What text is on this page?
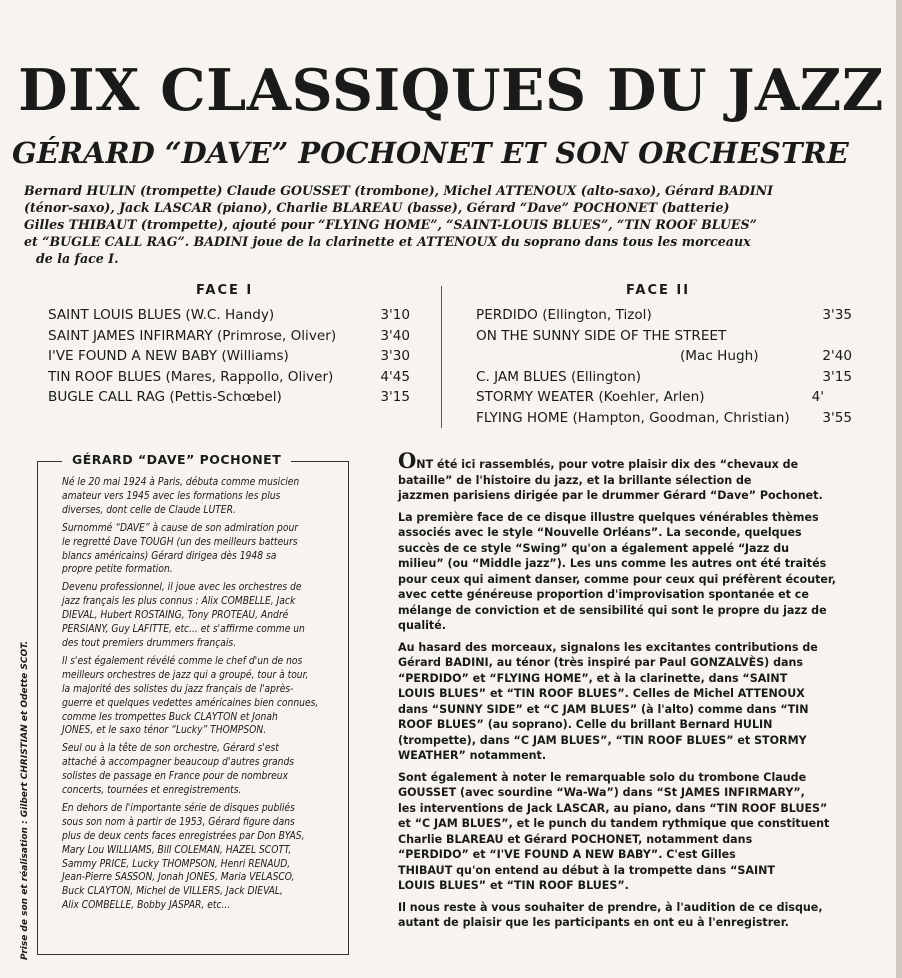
DIX CLASSIQUES DU JAZZ
GÉRARD “DAVE” POCHONET ET SON ORCHESTRE
Bernard HULIN (trompette) Claude GOUSSET (trombone), Michel ATTENOUX (alto-saxo), Gérard BADINI
(ténor-saxo), Jack LASCAR (piano), Charlie BLAREAU (basse), Gérard “Dave” POCHONET (batterie)
Gilles THIBAUT (trompette), ajouté pour “FLYING HOME”, “SAINT-LOUIS BLUES”, “TIN ROOF BLUES”
et “BUGLE CALL RAG”. BADINI joue de la clarinette et ATTENOUX du soprano dans tous les morceaux
de la face I.
FACE I	FACE II
SAINT LOUIS BLUES (W.C. Handy)	3'10
SAINT JAMES INFIRMARY (Primrose, Oliver)	3'40
I'VE FOUND A NEW BABY (Williams)	3'30
TIN ROOF BLUES (Mares, Rappollo, Oliver)	4'45
BUGLE CALL RAG (Pettis-Schœbel)	3'15
PERDIDO (Ellington, Tizol)	3'35
ON THE SUNNY SIDE OF THE STREET
(Mac Hugh)	2'40
C. JAM BLUES (Ellington)	3'15
STORMY WEATER (Koehler, Arlen)	4'
FLYING HOME (Hampton, Goodman, Christian) 3'55
GÉRARD “DAVE” POCHONET

Né le 20 mai 1924 à Paris, débuta comme musicien
amateur vers 1945 avec les formations les plus
diverses, dont celle de Claude LUTER.

Surnommé “DAVE” à cause de son admiration pour
le regretté Dave TOUGH (un des meilleurs batteurs
blancs américains) Gérard dirigea dès 1948 sa
propre petite formation.

Devenu professionnel, il joue avec les orchestres de
jazz français les plus connus : Alix COMBELLE, Jack
DIEVAL, Hubert ROSTAING, Tony PROTEAU, André
PERSIANY, Guy LAFITTE, etc... et s'affirme comme un
des tout premiers drummers français.

Il s'est également révélé comme le chef d'un de nos
meilleurs orchestres de jazz qui a groupé, tour à tour,
la majorité des solistes du jazz français de l'après-
guerre et quelques vedettes américaines bien connues,
comme les trompettes Buck CLAYTON et Jonah
JONES, et le saxo ténor “Lucky” THOMPSON.

Seul ou à la tête de son orchestre, Gérard s'est
attaché à accompagner beaucoup d'autres grands
solistes de passage en France pour de nombreux
concerts, tournées et enregistrements.

En dehors de l'importante série de disques publiés
sous son nom à partir de 1953, Gérard figure dans
plus de deux cents faces enregistrées par Don BYAS,
Mary Lou WILLIAMS, Bill COLEMAN, HAZEL SCOTT,
Sammy PRICE, Lucky THOMPSON, Henri RENAUD,
Jean-Pierre SASSON, Jonah JONES, Maria VELASCO,
Buck CLAYTON, Michel de VILLERS, Jack DIEVAL,
Alix COMBELLE, Bobby JASPAR, etc...

Prise de son et réalisation : Gilbert CHRISTIAN et Odette SCOT.

ONT été ici rassemblés, pour votre plaisir dix des “chevaux de
bataille” de l'histoire du jazz, et la brillante sélection de
jazzmen parisiens dirigée par le drummer Gérard “Dave” Pochonet.

La première face de ce disque illustre quelques vénérables thèmes
associés avec le style “Nouvelle Orléans”. La seconde, quelques
succès de ce style “Swing” qu'on a également appelé “Jazz du
milieu” (ou “Middle jazz”). Les uns comme les autres ont été traités
pour ceux qui aiment danser, comme pour ceux qui préfèrent écouter,
avec cette généreuse proportion d'improvisation spontanée et ce
mélange de conviction et de sensibilité qui sont le propre du jazz de
qualité.

Au hasard des morceaux, signalons les excitantes contributions de
Gérard BADINI, au ténor (très inspiré par Paul GONZALVÈS) dans
“PERDIDO” et “FLYING HOME”, et à la clarinette, dans “SAINT
LOUIS BLUES” et “TIN ROOF BLUES”. Celles de Michel ATTENOUX
dans “SUNNY SIDE” et “C JAM BLUES” (à l'alto) comme dans “TIN
ROOF BLUES” (au soprano). Celle du brillant Bernard HULIN
(trompette), dans “C JAM BLUES”, “TIN ROOF BLUES” et STORMY
WEATHER” notamment.

Sont également à noter le remarquable solo du trombone Claude
GOUSSET (avec sourdine “Wa-Wa”) dans “St JAMES INFIRMARY”,
les interventions de Jack LASCAR, au piano, dans “TIN ROOF BLUES”
et “C JAM BLUES”, et le punch du tandem rythmique que constituent
Charlie BLAREAU et Gérard POCHONET, notamment dans
“PERDIDO” et “I'VE FOUND A NEW BABY”. C'est Gilles
THIBAUT qu'on entend au début à la trompette dans “SAINT
LOUIS BLUES” et “TIN ROOF BLUES”.

Il nous reste à vous souhaiter de prendre, à l'audition de ce disque,
autant de plaisir que les participants en ont eu à l'enregistrer.
